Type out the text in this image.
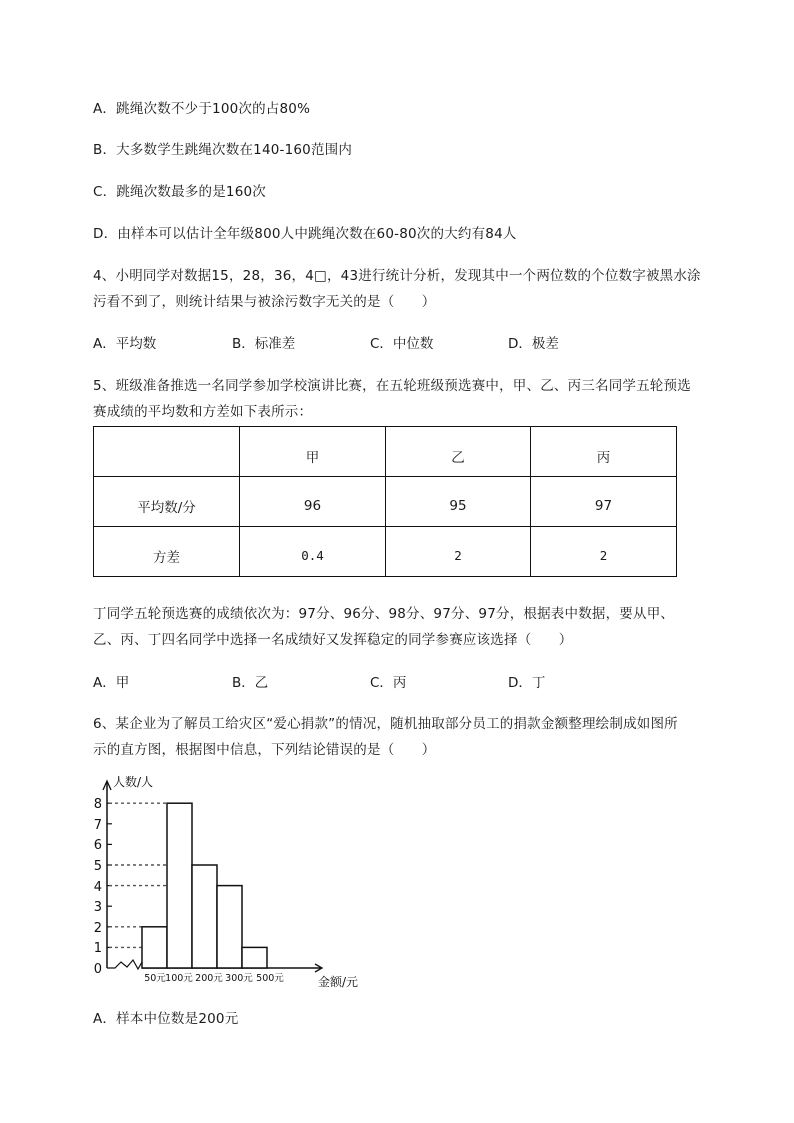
A．跳绳次数不少于100次的占80%
B．大多数学生跳绳次数在140-160范围内
C．跳绳次数最多的是160次
D．由样本可以估计全年级800人中跳绳次数在60-80次的大约有84人
4、小明同学对数据15，28，36，4□，43进行统计分析，发现其中一个两位数的个位数字被黑水涂
污看不到了，则统计结果与被涂污数字无关的是（　　）
A．平均数	B．标准差	C．中位数	D．极差
5、班级准备推选一名同学参加学校演讲比赛，在五轮班级预选赛中，甲、乙、丙三名同学五轮预选
赛成绩的平均数和方差如下表所示：
	甲	乙	丙
平均数/分	96	95	97
方差	0.4	2	2
丁同学五轮预选赛的成绩依次为：97分、96分、98分、97分、97分，根据表中数据，要从甲、
乙、丙、丁四名同学中选择一名成绩好又发挥稳定的同学参赛应该选择（　　）
A．甲	B．乙	C．丙	D．丁
6、某企业为了解员工给灾区“爱心捐款”的情况，随机抽取部分员工的捐款金额整理绘制成如图所
示的直方图，根据图中信息，下列结论错误的是（　　）
人数/人
金额/元
0
1
2
3
4
5
6
7
8
50元 100元 200元 300元 500元
A．样本中位数是200元
